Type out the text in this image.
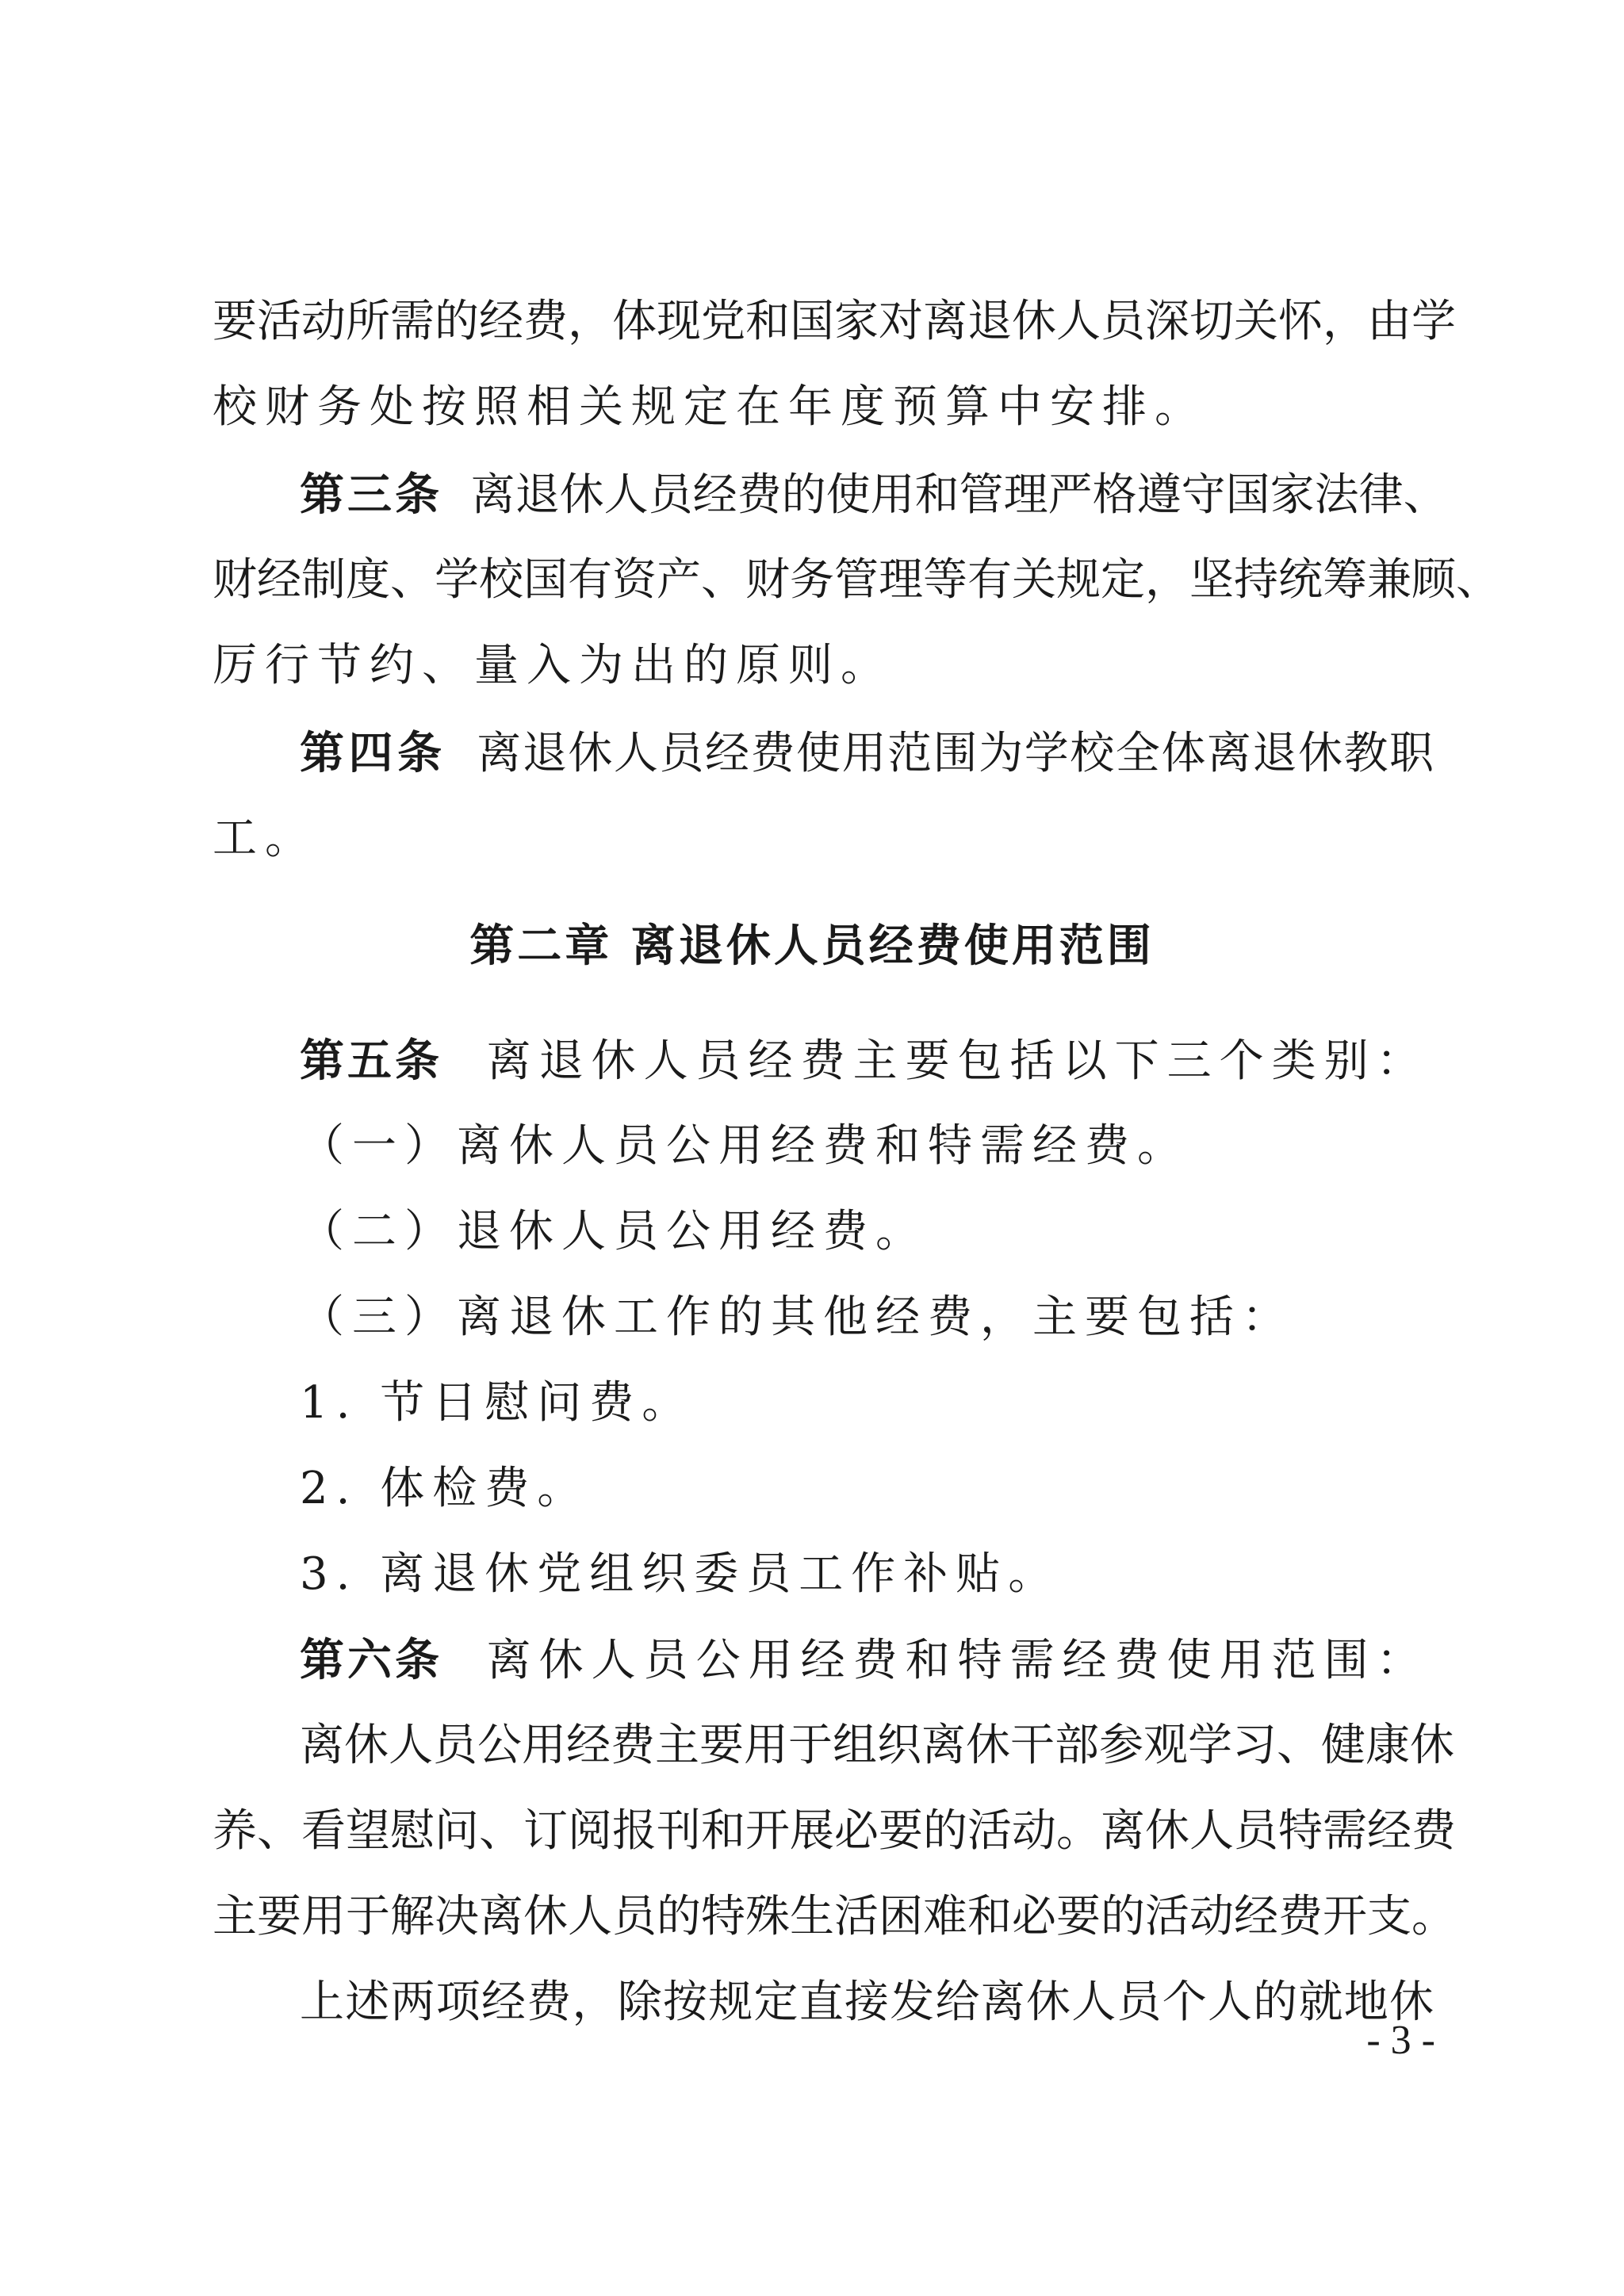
要活动所需的经费，体现党和国家对离退休人员深切关怀，由学
校财务处按照相关规定在年度预算中安排。
第三条 离退休人员经费的使用和管理严格遵守国家法律、
财经制度、学校国有资产、财务管理等有关规定，坚持统筹兼顾、
厉行节约、量入为出的原则。
第四条 离退休人员经费使用范围为学校全体离退休教职
工。
第二章 离退休人员经费使用范围
第五条 离退休人员经费主要包括以下三个类别：
（一）离休人员公用经费和特需经费。
（二）退休人员公用经费。
（三）离退休工作的其他经费，主要包括：
1. 节日慰问费。
2. 体检费。
3. 离退休党组织委员工作补贴。
第六条 离休人员公用经费和特需经费使用范围：
离休人员公用经费主要用于组织离休干部参观学习、健康休
养、看望慰问、订阅报刊和开展必要的活动。离休人员特需经费
主要用于解决离休人员的特殊生活困难和必要的活动经费开支。
上述两项经费，除按规定直接发给离休人员个人的就地休
- 3 -
